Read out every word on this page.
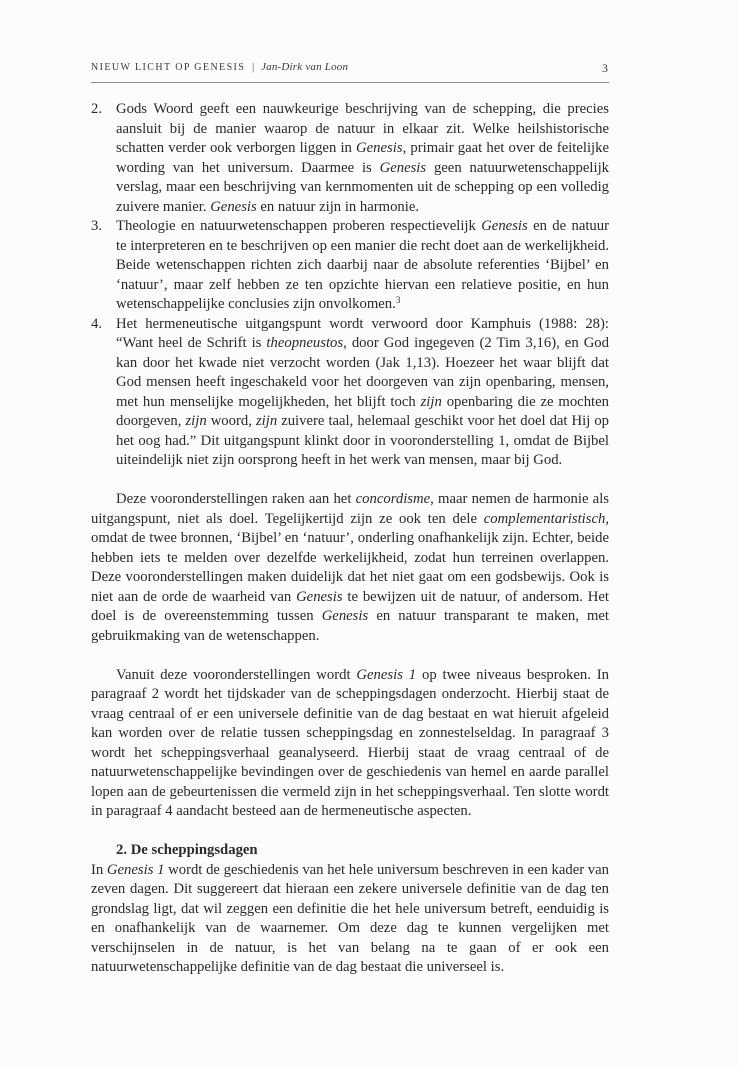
NIEUW LICHT OP GENESIS | Jan-Dirk van Loon	3
2. Gods Woord geeft een nauwkeurige beschrijving van de schepping, die precies aansluit bij de manier waarop de natuur in elkaar zit. Welke heilshistorische schatten verder ook verborgen liggen in Genesis, primair gaat het over de feitelijke wording van het universum. Daarmee is Genesis geen natuurwetenschappelijk verslag, maar een beschrijving van kernmomenten uit de schepping op een volledig zuivere manier. Genesis en natuur zijn in harmonie.
3. Theologie en natuurwetenschappen proberen respectievelijk Genesis en de natuur te interpreteren en te beschrijven op een manier die recht doet aan de werkelijkheid. Beide wetenschappen richten zich daarbij naar de absolute referenties ‘Bijbel’ en ‘natuur’, maar zelf hebben ze ten opzichte hiervan een relatieve positie, en hun wetenschappelijke conclusies zijn onvolkomen.$^3$
4. Het hermeneutische uitgangspunt wordt verwoord door Kamphuis (1988: 28): “Want heel de Schrift is theopneustos, door God ingegeven (2 Tim 3,16), en God kan door het kwade niet verzocht worden (Jak 1,13). Hoezeer het waar blijft dat God mensen heeft ingeschakeld voor het doorgeven van zijn openbaring, mensen, met hun menselijke mogelijkheden, het blijft toch zijn openbaring die ze mochten doorgeven, zijn woord, zijn zuivere taal, helemaal geschikt voor het doel dat Hij op het oog had.” Dit uitgangspunt klinkt door in vooronderstelling 1, omdat de Bijbel uiteindelijk niet zijn oorsprong heeft in het werk van mensen, maar bij God.

Deze vooronderstellingen raken aan het concordisme, maar nemen de harmonie als uitgangspunt, niet als doel. Tegelijkertijd zijn ze ook ten dele complementaristisch, omdat de twee bronnen, ‘Bijbel’ en ‘natuur’, onderling onafhankelijk zijn. Echter, beide hebben iets te melden over dezelfde werkelijkheid, zodat hun terreinen overlappen. Deze vooronderstellingen maken duidelijk dat het niet gaat om een godsbewijs. Ook is niet aan de orde de waarheid van Genesis te bewijzen uit de natuur, of andersom. Het doel is de overeenstemming tussen Genesis en natuur transparant te maken, met gebruikmaking van de wetenschappen.

Vanuit deze vooronderstellingen wordt Genesis 1 op twee niveaus besproken. In paragraaf 2 wordt het tijdskader van de scheppingsdagen onderzocht. Hierbij staat de vraag centraal of er een universele definitie van de dag bestaat en wat hieruit afgeleid kan worden over de relatie tussen scheppingsdag en zonnestelseldag. In paragraaf 3 wordt het scheppingsverhaal geanalyseerd. Hierbij staat de vraag centraal of de natuurwetenschappelijke bevindingen over de geschiedenis van hemel en aarde parallel lopen aan de gebeurtenissen die vermeld zijn in het scheppingsverhaal. Ten slotte wordt in paragraaf 4 aandacht besteed aan de hermeneutische aspecten.

2. De scheppingsdagen

In Genesis 1 wordt de geschiedenis van het hele universum beschreven in een kader van zeven dagen. Dit suggereert dat hieraan een zekere universele definitie van de dag ten grondslag ligt, dat wil zeggen een definitie die het hele universum betreft, eenduidig is en onafhankelijk van de waarnemer. Om deze dag te kunnen vergelijken met verschijnselen in de natuur, is het van belang na te gaan of er ook een natuurwetenschappelijke definitie van de dag bestaat die universeel is.
